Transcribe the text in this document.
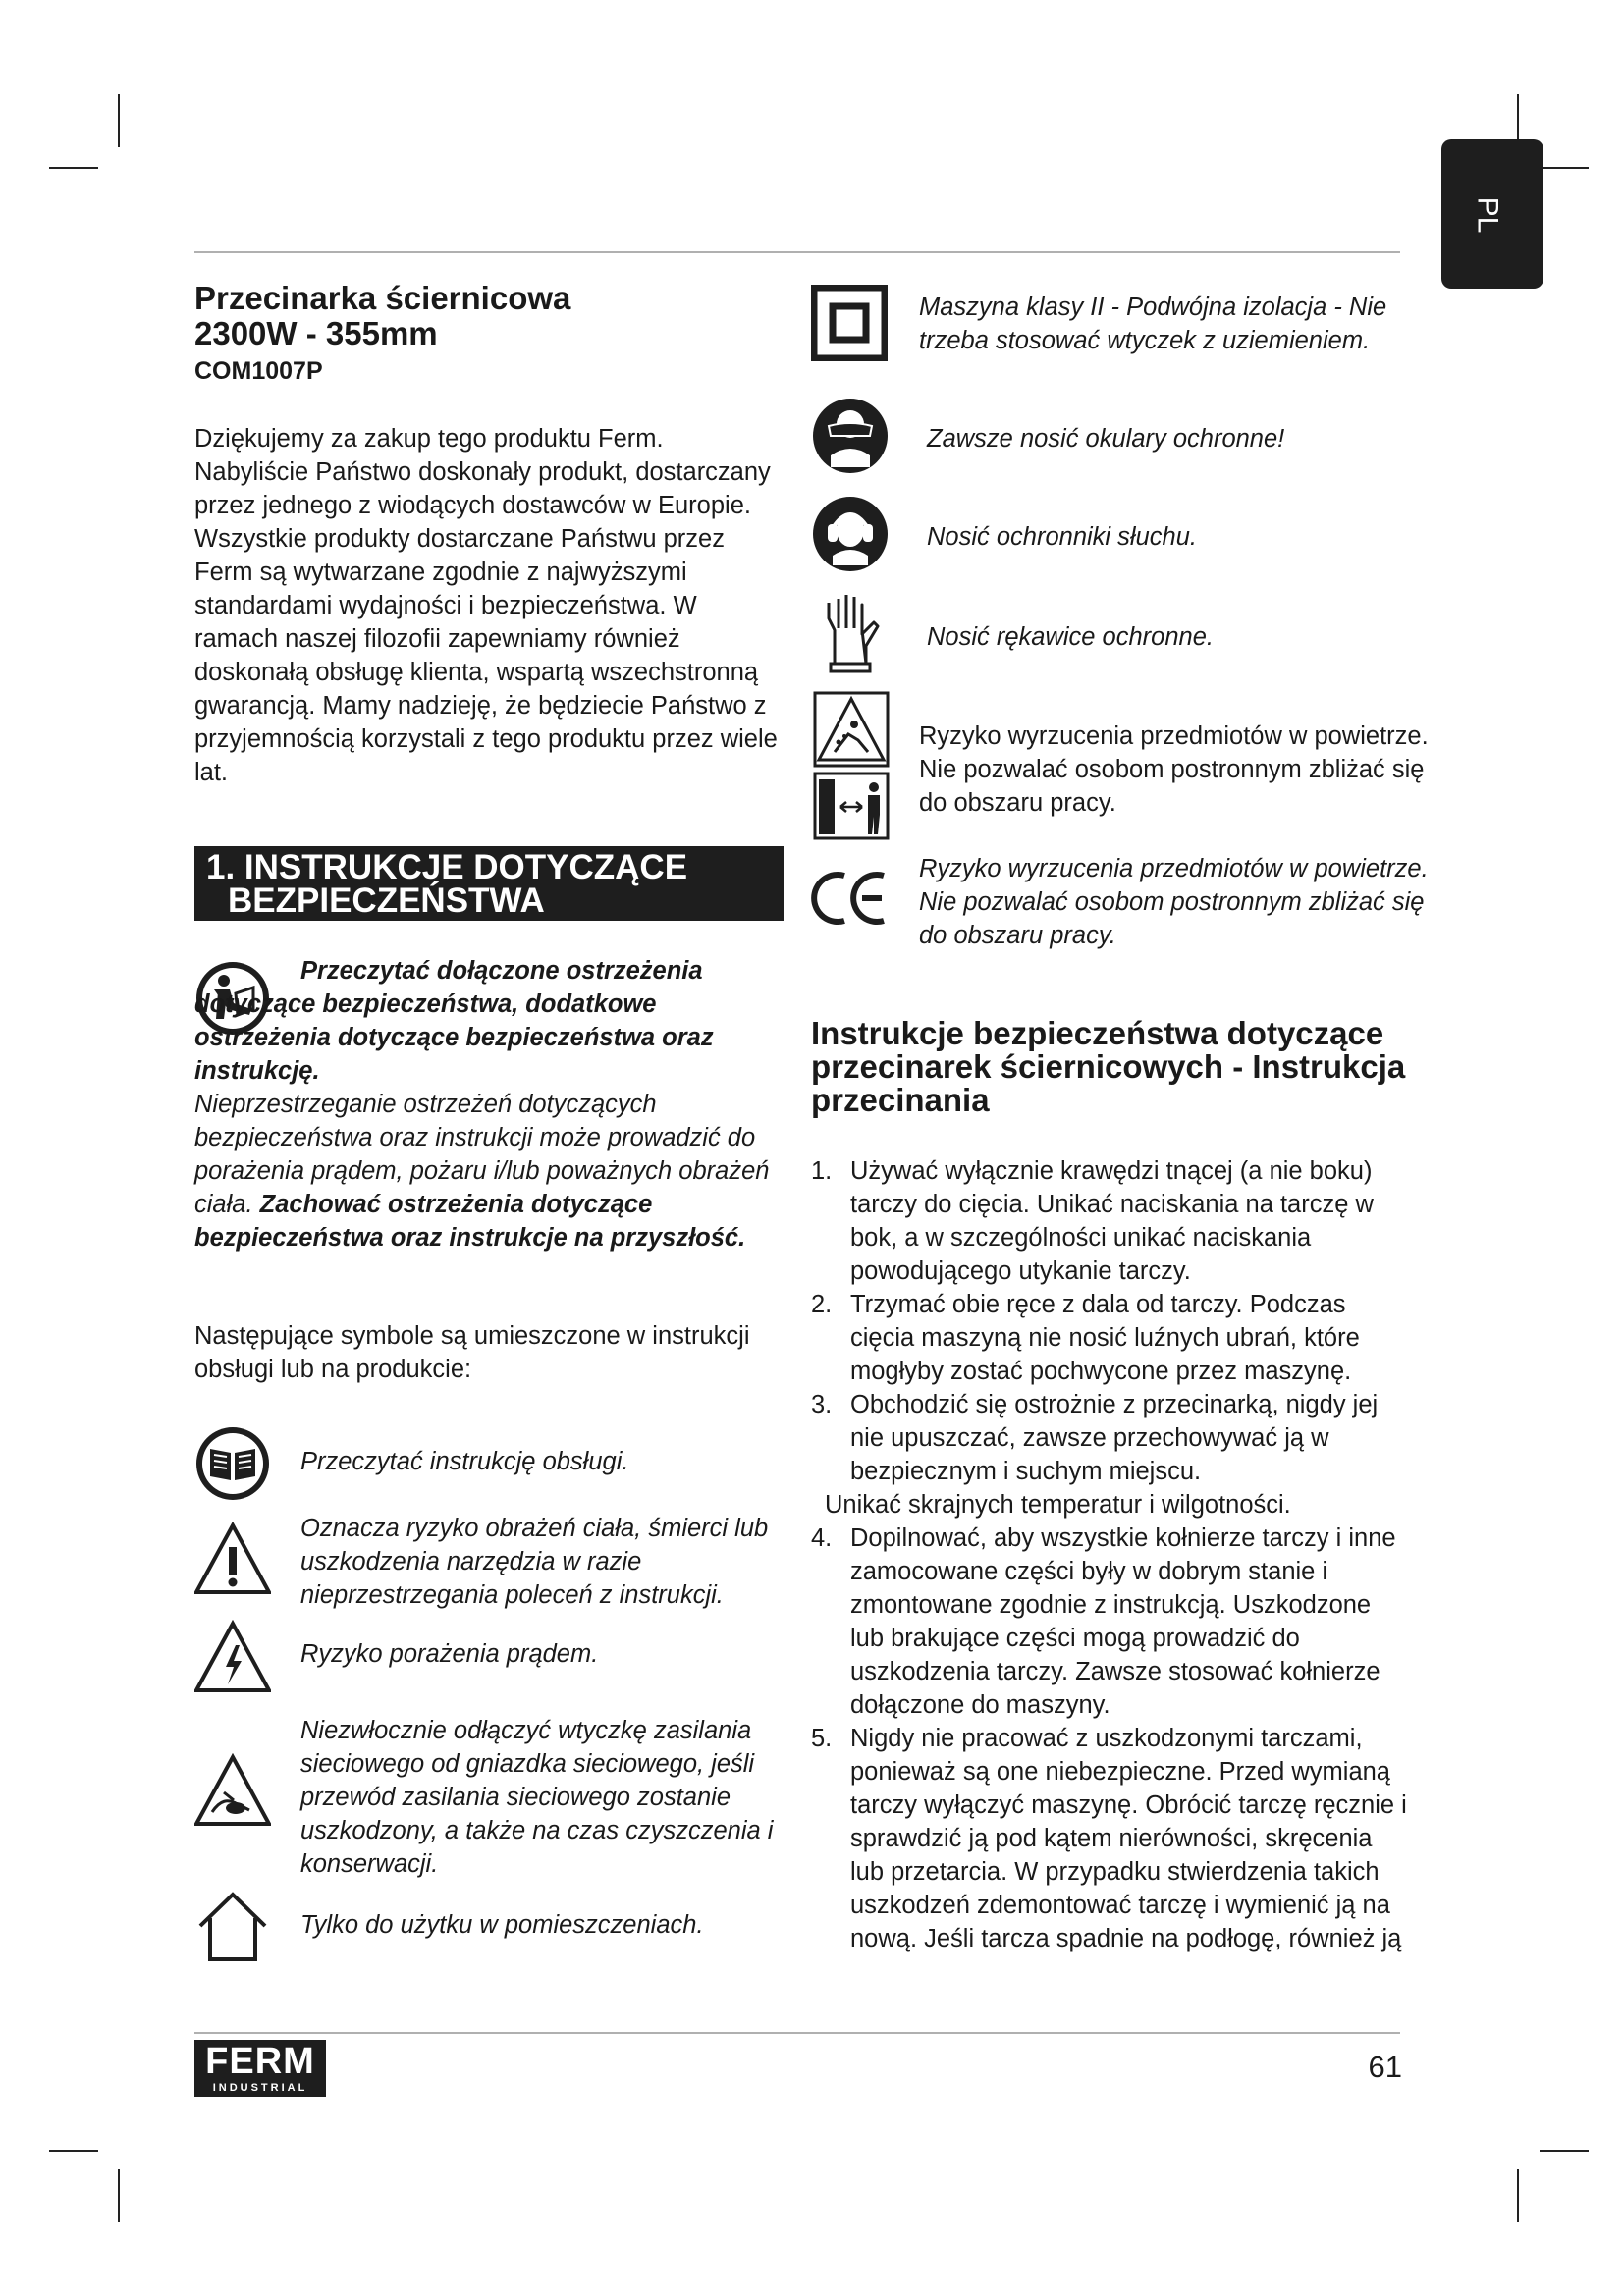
PL
Przecinarka ściernicowa
2300W - 355mm
COM1007P
Dziękujemy za zakup tego produktu Ferm. Nabyliście Państwo doskonały produkt, dostarczany przez jednego z wiodących dostawców w Europie. Wszystkie produkty dostarczane Państwu przez Ferm są wytwarzane zgodnie z najwyższymi standardami wydajności i bezpieczeństwa. W ramach naszej filozofii zapewniamy również doskonałą obsługę klienta, wspartą wszechstronną gwarancją. Mamy nadzieję, że będziecie Państwo z przyjemnością korzystali z tego produktu przez wiele lat.
1. INSTRUKCJE DOTYCZĄCE
BEZPIECZEŃSTWA
Przeczytać dołączone ostrzeżenia dotyczące bezpieczeństwa, dodatkowe ostrzeżenia dotyczące bezpieczeństwa oraz instrukcję.
Nieprzestrzeganie ostrzeżeń dotyczących bezpieczeństwa oraz instrukcji może prowadzić do porażenia prądem, pożaru i/lub poważnych obrażeń ciała. Zachować ostrzeżenia dotyczące bezpieczeństwa oraz instrukcje na przyszłość.
Następujące symbole są umieszczone w instrukcji obsługi lub na produkcie:
Przeczytać instrukcję obsługi.
Oznacza ryzyko obrażeń ciała, śmierci lub uszkodzenia narzędzia w razie nieprzestrzegania poleceń z instrukcji.
Ryzyko porażenia prądem.
Niezwłocznie odłączyć wtyczkę zasilania sieciowego od gniazdka sieciowego, jeśli przewód zasilania sieciowego zostanie uszkodzony, a także na czas czyszczenia i konserwacji.
Tylko do użytku w pomieszczeniach.
Maszyna klasy II - Podwójna izolacja - Nie trzeba stosować wtyczek z uziemieniem.
Zawsze nosić okulary ochronne!
Nosić ochronniki słuchu.
Nosić rękawice ochronne.
Ryzyko wyrzucenia przedmiotów w powietrze. Nie pozwalać osobom postronnym zbliżać się do obszaru pracy.
Ryzyko wyrzucenia przedmiotów w powietrze. Nie pozwalać osobom postronnym zbliżać się do obszaru pracy.
Instrukcje bezpieczeństwa dotyczące przecinarek ściernicowych - Instrukcja przecinania
1. Używać wyłącznie krawędzi tnącej (a nie boku) tarczy do cięcia. Unikać naciskania na tarczę w bok, a w szczególności unikać naciskania powodującego utykanie tarczy.
2. Trzymać obie ręce z dala od tarczy. Podczas cięcia maszyną nie nosić luźnych ubrań, które mogłyby zostać pochwycone przez maszynę.
3. Obchodzić się ostrożnie z przecinarką, nigdy jej nie upuszczać, zawsze przechowywać ją w bezpiecznym i suchym miejscu.
Unikać skrajnych temperatur i wilgotności.
4. Dopilnować, aby wszystkie kołnierze tarczy i inne zamocowane części były w dobrym stanie i zmontowane zgodnie z instrukcją. Uszkodzone lub brakujące części mogą prowadzić do uszkodzenia tarczy. Zawsze stosować kołnierze dołączone do maszyny.
5. Nigdy nie pracować z uszkodzonymi tarczami, ponieważ są one niebezpieczne. Przed wymianą tarczy wyłączyć maszynę. Obrócić tarczę ręcznie i sprawdzić ją pod kątem nierówności, skręcenia lub przetarcia. W przypadku stwierdzenia takich uszkodzeń zdemontować tarczę i wymienić ją na nową. Jeśli tarcza spadnie na podłogę, również ją
FERM
INDUSTRIAL
61
